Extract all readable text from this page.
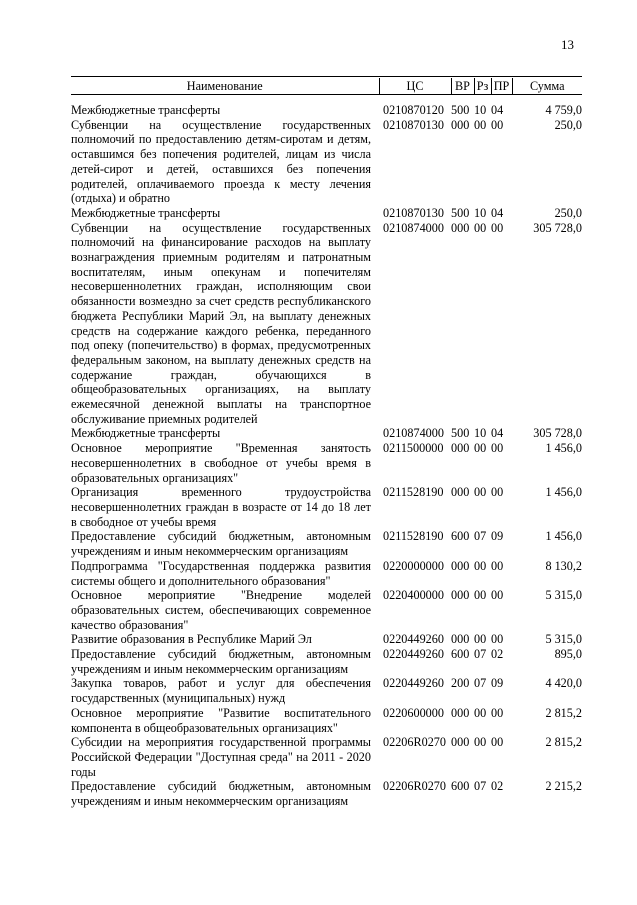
13
Наименование	ЦС	ВР	Рз	ПР	Сумма

Межбюджетные трансферты	0210870120	500	10	04	4 759,0
Субвенции на осуществление государственных полномочий по предоставлению детям-сиротам и детям, оставшимся без попечения родителей, лицам из числа детей-сирот и детей, оставшихся без попечения родителей, оплачиваемого проезда к месту лечения (отдыха) и обратно	0210870130	000	00	00	250,0
Межбюджетные трансферты	0210870130	500	10	04	250,0
Субвенции на осуществление государственных полномочий на финансирование расходов на выплату вознаграждения приемным родителям и патронатным воспитателям, иным опекунам и попечителям несовершеннолетних граждан, исполняющим свои обязанности возмездно за счет средств республиканского бюджета Республики Марий Эл, на выплату денежных средств на содержание каждого ребенка, переданного под опеку (попечительство) в формах, предусмотренных федеральным законом, на выплату денежных средств на содержание граждан, обучающихся в общеобразовательных организациях, на выплату ежемесячной денежной выплаты на транспортное обслуживание приемных родителей	0210874000	000	00	00	305 728,0
Межбюджетные трансферты	0210874000	500	10	04	305 728,0
Основное мероприятие "Временная занятость несовершеннолетних в свободное от учебы время в образовательных организациях"	0211500000	000	00	00	1 456,0
Организация временного трудоустройства несовершеннолетних граждан в возрасте от 14 до 18 лет в свободное от учебы время	0211528190	000	00	00	1 456,0
Предоставление субсидий бюджетным, автономным учреждениям и иным некоммерческим организациям	0211528190	600	07	09	1 456,0
Подпрограмма "Государственная поддержка развития системы общего и дополнительного образования"	0220000000	000	00	00	8 130,2
Основное мероприятие "Внедрение моделей образовательных систем, обеспечивающих современное качество образования"	0220400000	000	00	00	5 315,0
Развитие образования в Республике Марий Эл	0220449260	000	00	00	5 315,0
Предоставление субсидий бюджетным, автономным учреждениям и иным некоммерческим организациям	0220449260	600	07	02	895,0
Закупка товаров, работ и услуг для обеспечения государственных (муниципальных) нужд	0220449260	200	07	09	4 420,0
Основное мероприятие "Развитие воспитательного компонента в общеобразовательных организациях"	0220600000	000	00	00	2 815,2
Субсидии на мероприятия государственной программы Российской Федерации "Доступная среда" на 2011 - 2020 годы	02206R0270	000	00	00	2 815,2
Предоставление субсидий бюджетным, автономным учреждениям и иным некоммерческим организациям	02206R0270	600	07	02	2 215,2
